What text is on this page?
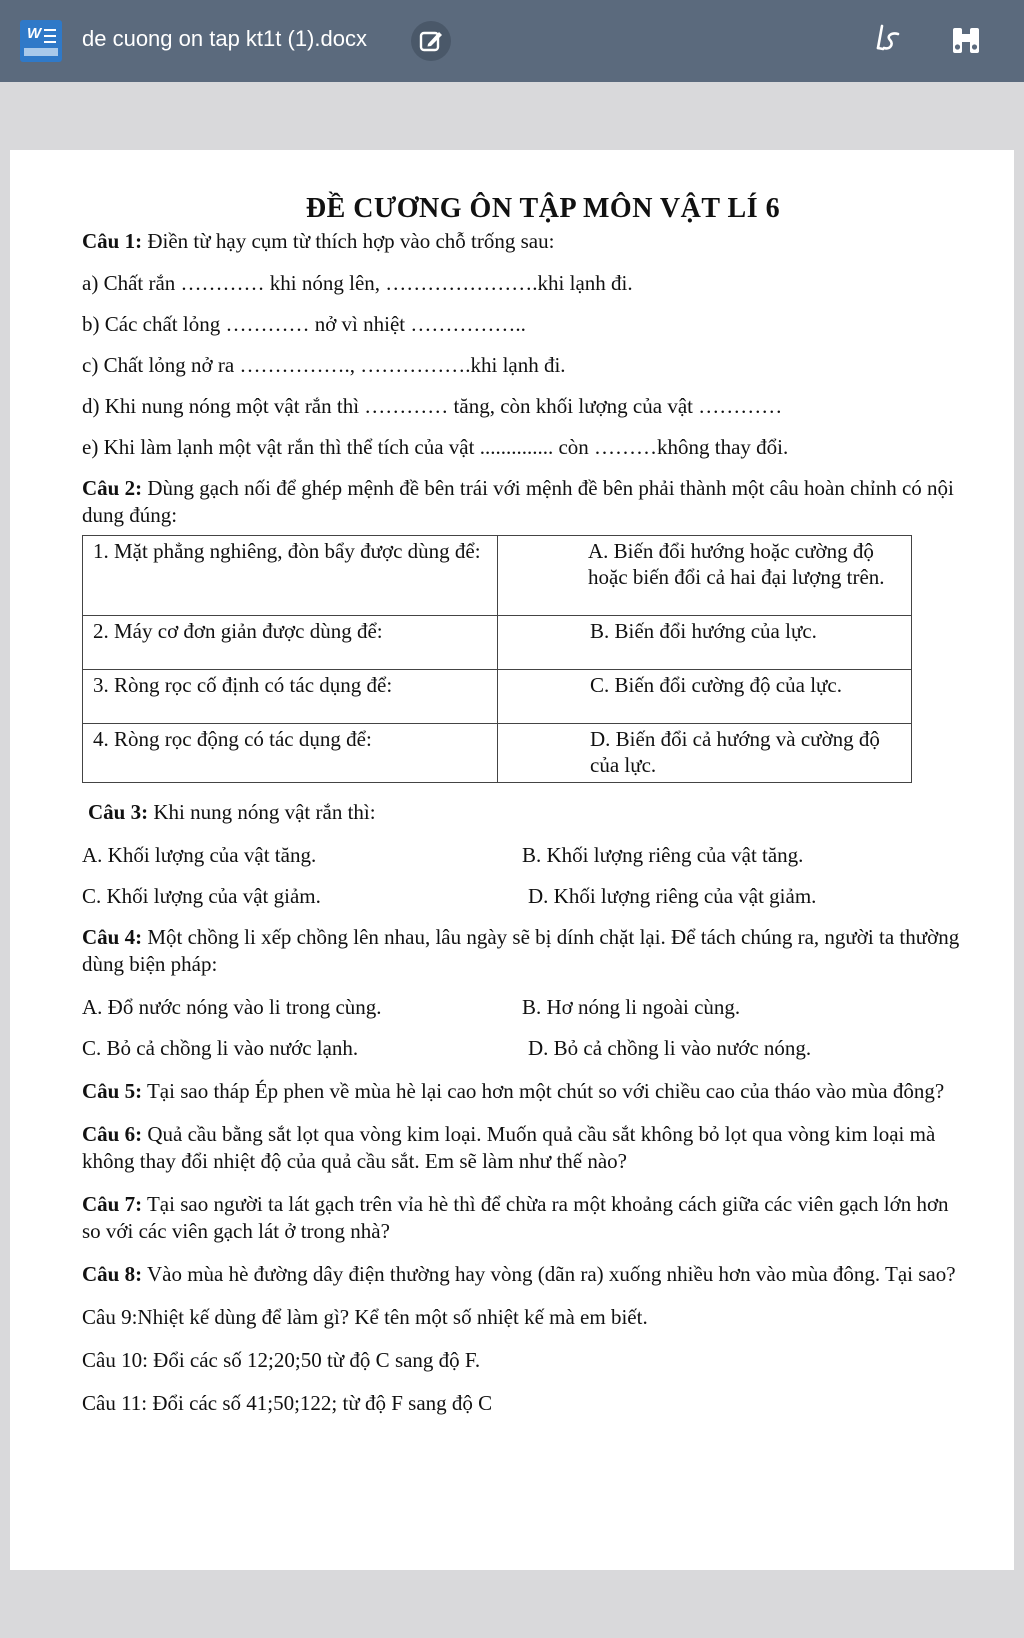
W de cuong on tap kt1t (1).docx
ĐỀ CƯƠNG ÔN TẬP MÔN VẬT LÍ 6
Câu 1: Điền từ hạy cụm từ thích hợp vào chỗ trống sau:
a) Chất rắn ………… khi nóng lên, ………………….khi lạnh đi.
b) Các chất lỏng ………… nở vì nhiệt ……………..
c) Chất lỏng nở ra ……………., …………….khi lạnh đi.
d) Khi nung nóng một vật rắn thì ………… tăng, còn khối lượng của vật …………
e) Khi làm lạnh một vật rắn thì thể tích của vật .............. còn ………không thay đổi.
Câu 2: Dùng gạch nối để ghép mệnh đề bên trái với mệnh đề bên phải thành một câu hoàn chỉnh có nội dung đúng:
1. Mặt phẳng nghiêng, đòn bẩy được dùng để:	A. Biến đổi hướng hoặc cường độ hoặc biến đổi cả hai đại lượng trên.
2. Máy cơ đơn giản được dùng để:	B. Biến đổi hướng của lực.
3. Ròng rọc cố định có tác dụng để:	C. Biến đổi cường độ của lực.
4. Ròng rọc động có tác dụng để:	D. Biến đổi cả hướng và cường độ của lực.
Câu 3: Khi nung nóng vật rắn thì:
A. Khối lượng của vật tăng.	B. Khối lượng riêng của vật tăng.
C. Khối lượng của vật giảm.	D. Khối lượng riêng của vật giảm.
Câu 4: Một chồng li xếp chồng lên nhau, lâu ngày sẽ bị dính chặt lại. Để tách chúng ra, người ta thường dùng biện pháp:
A. Đổ nước nóng vào li trong cùng.	B. Hơ nóng li ngoài cùng.
C. Bỏ cả chồng li vào nước lạnh.	D. Bỏ cả chồng li vào nước nóng.
Câu 5: Tại sao tháp Ép phen về mùa hè lại cao hơn một chút so với chiều cao của tháo vào mùa đông?
Câu 6: Quả cầu bằng sắt lọt qua vòng kim loại. Muốn quả cầu sắt không bỏ lọt qua vòng kim loại mà không thay đổi nhiệt độ của quả cầu sắt. Em sẽ làm như thế nào?
Câu 7: Tại sao người ta lát gạch trên vỉa hè thì để chừa ra một khoảng cách giữa các viên gạch lớn hơn so với các viên gạch lát ở trong nhà?
Câu 8: Vào mùa hè đường dây điện thường hay vòng (dãn ra) xuống nhiều hơn vào mùa đông. Tại sao?
Câu 9:Nhiệt kế dùng để làm gì? Kể tên một số nhiệt kế mà em biết.
Câu 10: Đổi các số 12;20;50 từ độ C sang độ F.
Câu 11: Đổi các số 41;50;122; từ độ F sang độ C
